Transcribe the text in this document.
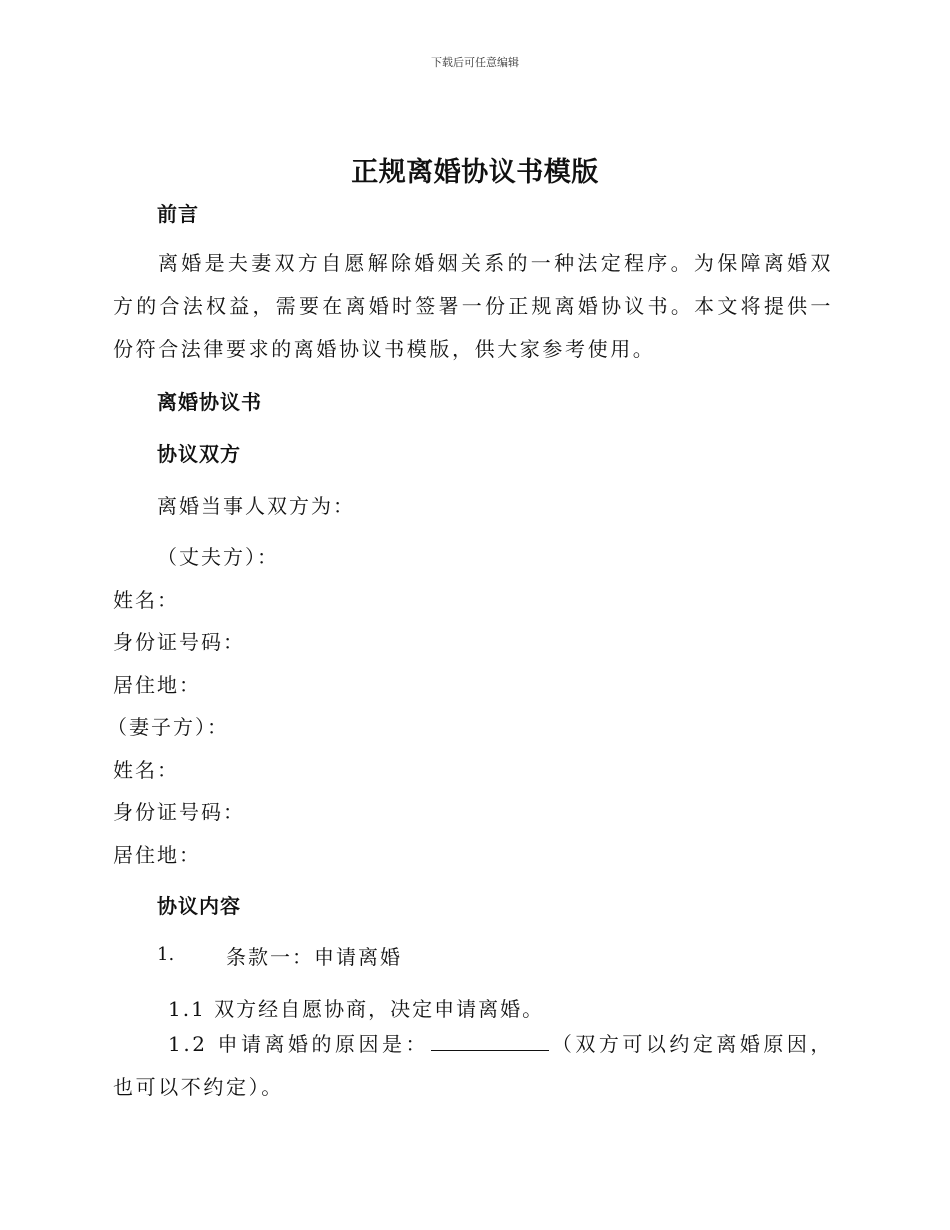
下载后可任意编辑
正规离婚协议书模版
前言
离婚是夫妻双方自愿解除婚姻关系的一种法定程序。为保障离婚双方的合法权益，需要在离婚时签署一份正规离婚协议书。本文将提供一份符合法律要求的离婚协议书模版，供大家参考使用。
离婚协议书
协议双方
离婚当事人双方为：
（丈夫方）：
姓名：
身份证号码：
居住地：
（妻子方）：
姓名：
身份证号码：
居住地：
协议内容
1.	条款一：申请离婚
1.1 双方经自愿协商，决定申请离婚。
1.2 申请离婚的原因是：	（双方可以约定离婚原因，也可以不约定）。
